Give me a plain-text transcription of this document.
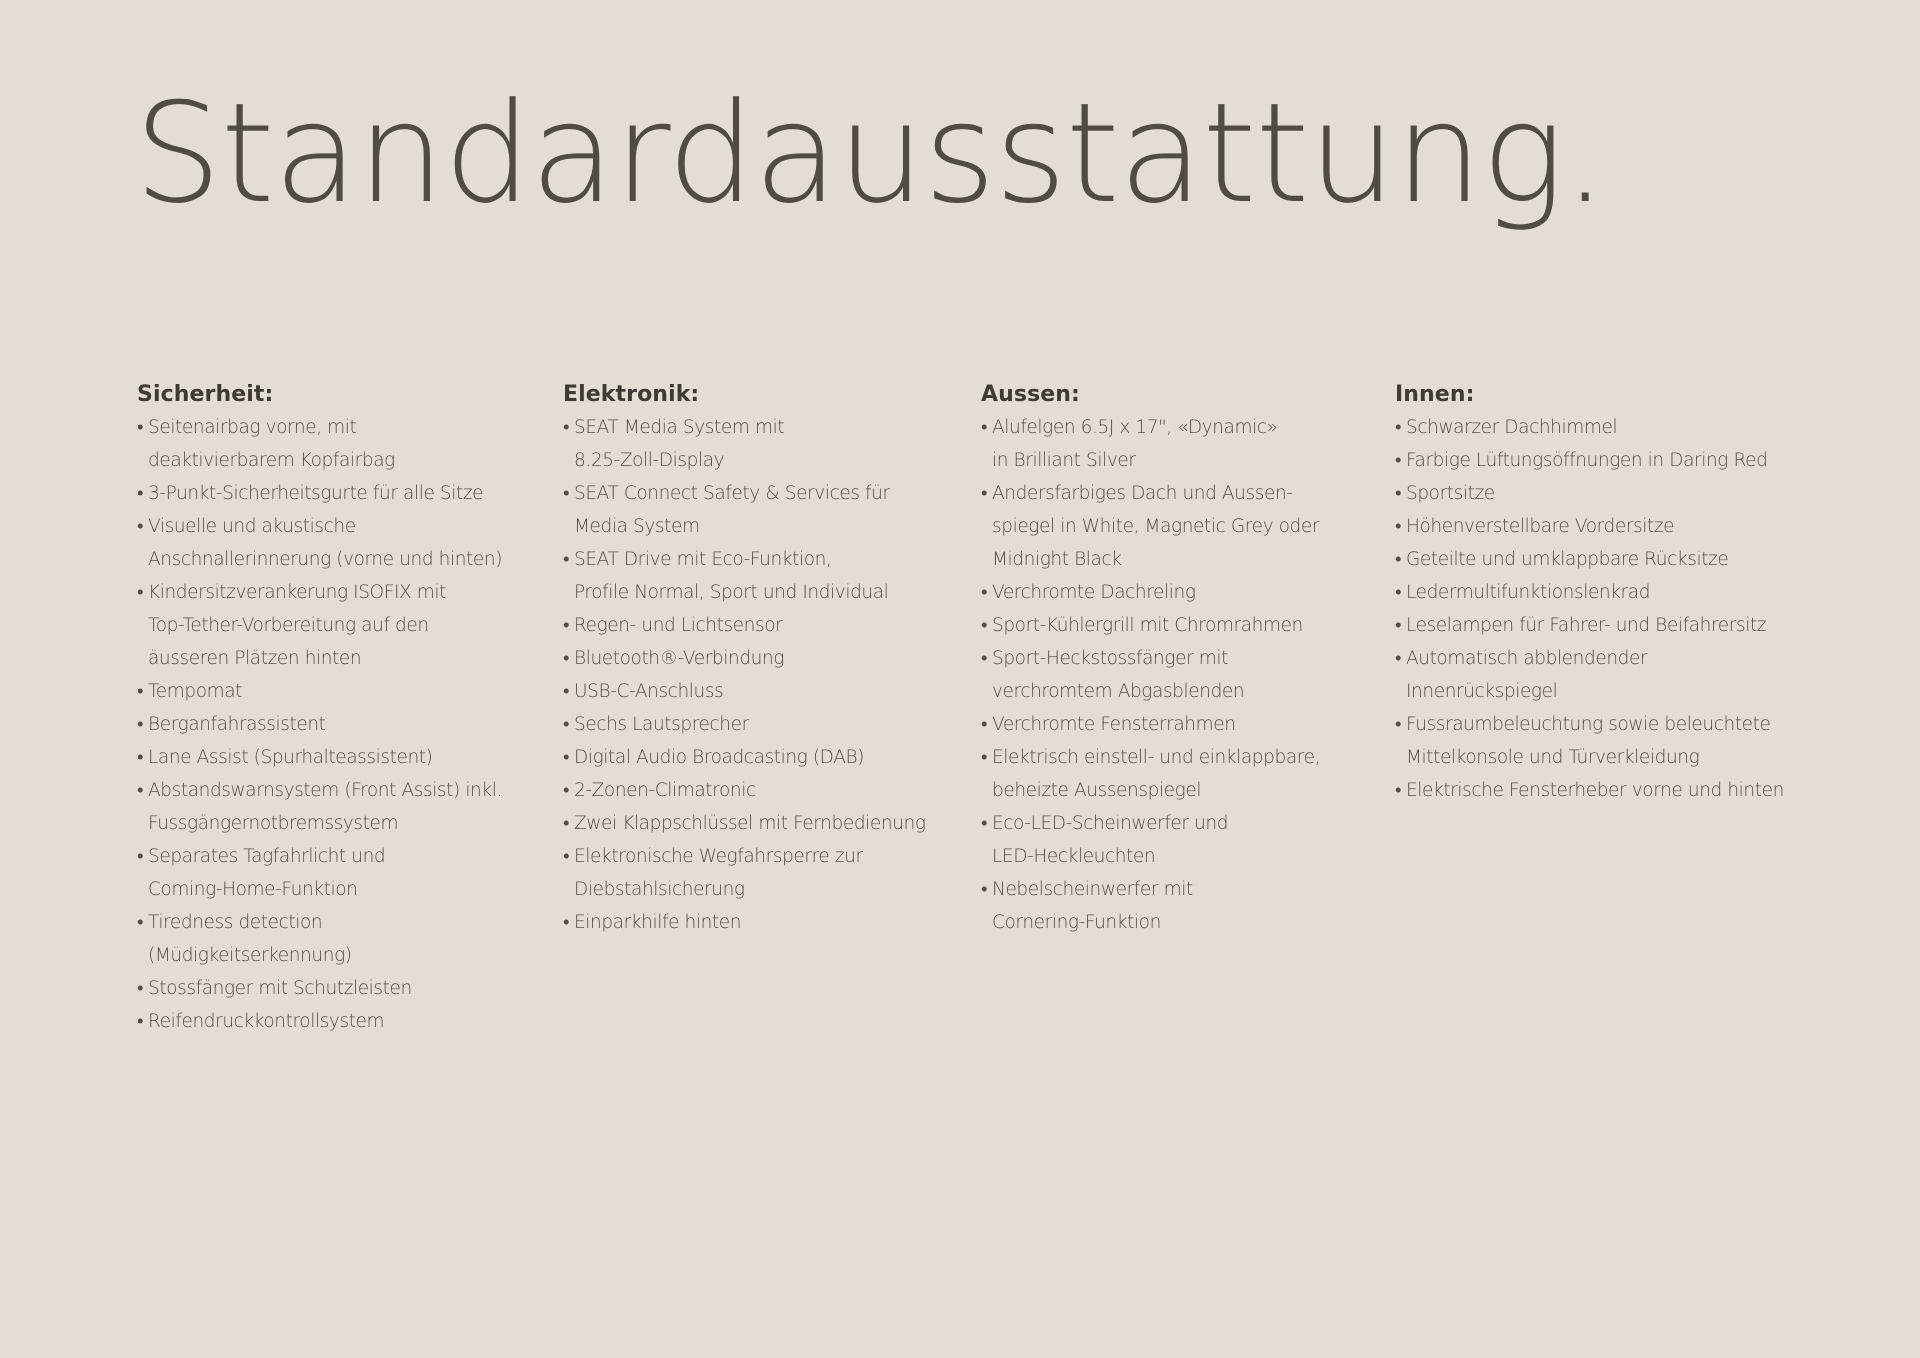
Standardausstattung.
Sicherheit:
• Seitenairbag vorne, mit
deaktivierbarem Kopfairbag
• 3-Punkt-Sicherheitsgurte für alle Sitze
• Visuelle und akustische
Anschnallerinnerung (vorne und hinten)
• Kindersitzverankerung ISOFIX mit
Top-Tether-Vorbereitung auf den
äusseren Plätzen hinten
• Tempomat
• Berganfahrassistent
• Lane Assist (Spurhalteassistent)
• Abstandswarnsystem (Front Assist) inkl.
Fussgängernotbremssystem
• Separates Tagfahrlicht und
Coming-Home-Funktion
• Tiredness detection
(Müdigkeitserkennung)
• Stossfänger mit Schutzleisten
• Reifendruckkontrollsystem
Elektronik:
• SEAT Media System mit
8.25-Zoll-Display
• SEAT Connect Safety & Services für
Media System
• SEAT Drive mit Eco-Funktion,
Profile Normal, Sport und Individual
• Regen- und Lichtsensor
• Bluetooth®-Verbindung
• USB-C-Anschluss
• Sechs Lautsprecher
• Digital Audio Broadcasting (DAB)
• 2-Zonen-Climatronic
• Zwei Klappschlüssel mit Fernbedienung
• Elektronische Wegfahrsperre zur
Diebstahlsicherung
• Einparkhilfe hinten
Aussen:
• Alufelgen 6.5J x 17", «Dynamic»
in Brilliant Silver
• Andersfarbiges Dach und Aussen-
spiegel in White, Magnetic Grey oder
Midnight Black
• Verchromte Dachreling
• Sport-Kühlergrill mit Chromrahmen
• Sport-Heckstossfänger mit
verchromtem Abgasblenden
• Verchromte Fensterrahmen
• Elektrisch einstell- und einklappbare,
beheizte Aussenspiegel
• Eco-LED-Scheinwerfer und
LED-Heckleuchten
• Nebelscheinwerfer mit
Cornering-Funktion
Innen:
• Schwarzer Dachhimmel
• Farbige Lüftungsöffnungen in Daring Red
• Sportsitze
• Höhenverstellbare Vordersitze
• Geteilte und umklappbare Rücksitze
• Ledermultifunktionslenkrad
• Leselampen für Fahrer- und Beifahrersitz
• Automatisch abblendender
Innenrückspiegel
• Fussraumbeleuchtung sowie beleuchtete
Mittelkonsole und Türverkleidung
• Elektrische Fensterheber vorne und hinten
